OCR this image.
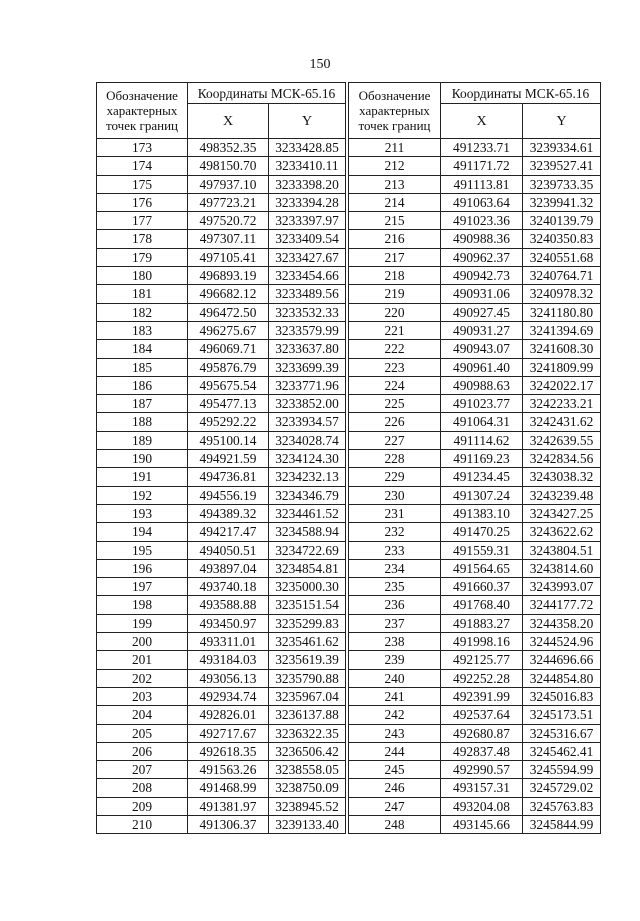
150
Обозначение
характерных
точек границ	Координаты МСК-65.16	
	X	Y
173	498352.35	3233428.85
174	498150.70	3233410.11
175	497937.10	3233398.20
176	497723.21	3233394.28
177	497520.72	3233397.97
178	497307.11	3233409.54
179	497105.41	3233427.67
180	496893.19	3233454.66
181	496682.12	3233489.56
182	496472.50	3233532.33
183	496275.67	3233579.99
184	496069.71	3233637.80
185	495876.79	3233699.39
186	495675.54	3233771.96
187	495477.13	3233852.00
188	495292.22	3233934.57
189	495100.14	3234028.74
190	494921.59	3234124.30
191	494736.81	3234232.13
192	494556.19	3234346.79
193	494389.32	3234461.52
194	494217.47	3234588.94
195	494050.51	3234722.69
196	493897.04	3234854.81
197	493740.18	3235000.30
198	493588.88	3235151.54
199	493450.97	3235299.83
200	493311.01	3235461.62
201	493184.03	3235619.39
202	493056.13	3235790.88
203	492934.74	3235967.04
204	492826.01	3236137.88
205	492717.67	3236322.35
206	492618.35	3236506.42
207	491563.26	3238558.05
208	491468.99	3238750.09
209	491381.97	3238945.52
210	491306.37	3239133.40
Обозначение
характерных
точек границ	Координаты МСК-65.16	
	X	Y
211	491233.71	3239334.61
212	491171.72	3239527.41
213	491113.81	3239733.35
214	491063.64	3239941.32
215	491023.36	3240139.79
216	490988.36	3240350.83
217	490962.37	3240551.68
218	490942.73	3240764.71
219	490931.06	3240978.32
220	490927.45	3241180.80
221	490931.27	3241394.69
222	490943.07	3241608.30
223	490961.40	3241809.99
224	490988.63	3242022.17
225	491023.77	3242233.21
226	491064.31	3242431.62
227	491114.62	3242639.55
228	491169.23	3242834.56
229	491234.45	3243038.32
230	491307.24	3243239.48
231	491383.10	3243427.25
232	491470.25	3243622.62
233	491559.31	3243804.51
234	491564.65	3243814.60
235	491660.37	3243993.07
236	491768.40	3244177.72
237	491883.27	3244358.20
238	491998.16	3244524.96
239	492125.77	3244696.66
240	492252.28	3244854.80
241	492391.99	3245016.83
242	492537.64	3245173.51
243	492680.87	3245316.67
244	492837.48	3245462.41
245	492990.57	3245594.99
246	493157.31	3245729.02
247	493204.08	3245763.83
248	493145.66	3245844.99
